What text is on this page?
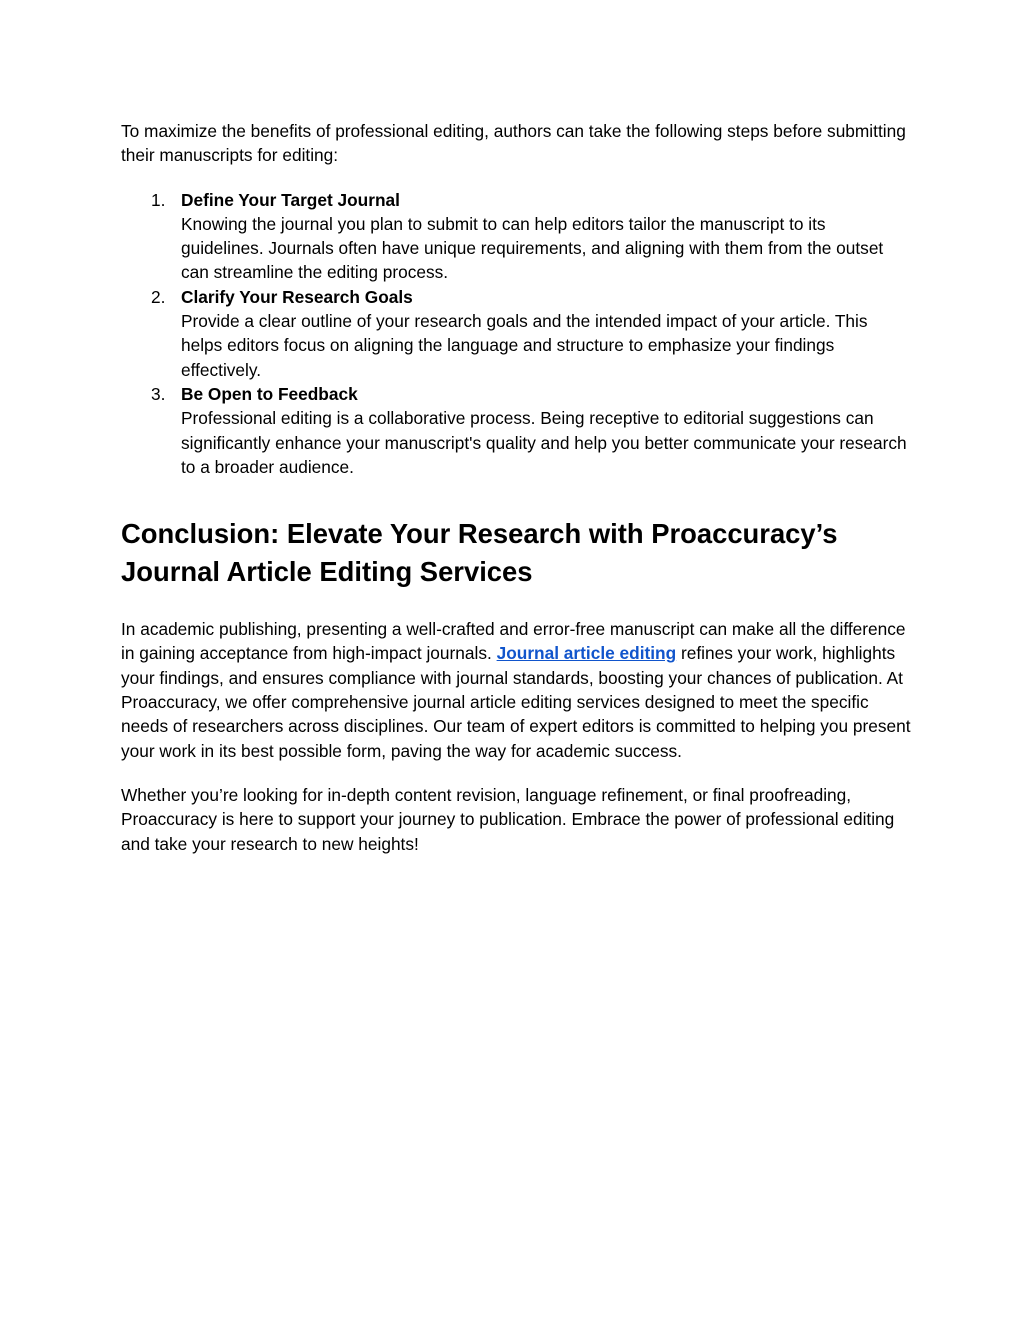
To maximize the benefits of professional editing, authors can take the following steps before submitting their manuscripts for editing:

1. Define Your Target Journal
Knowing the journal you plan to submit to can help editors tailor the manuscript to its guidelines. Journals often have unique requirements, and aligning with them from the outset can streamline the editing process.
2. Clarify Your Research Goals
Provide a clear outline of your research goals and the intended impact of your article. This helps editors focus on aligning the language and structure to emphasize your findings effectively.
3. Be Open to Feedback
Professional editing is a collaborative process. Being receptive to editorial suggestions can significantly enhance your manuscript's quality and help you better communicate your research to a broader audience.
Conclusion: Elevate Your Research with Proaccuracy’s Journal Article Editing Services

In academic publishing, presenting a well-crafted and error-free manuscript can make all the difference in gaining acceptance from high-impact journals. Journal article editing refines your work, highlights your findings, and ensures compliance with journal standards, boosting your chances of publication. At Proaccuracy, we offer comprehensive journal article editing services designed to meet the specific needs of researchers across disciplines. Our team of expert editors is committed to helping you present your work in its best possible form, paving the way for academic success.

Whether you’re looking for in-depth content revision, language refinement, or final proofreading, Proaccuracy is here to support your journey to publication. Embrace the power of professional editing and take your research to new heights!
